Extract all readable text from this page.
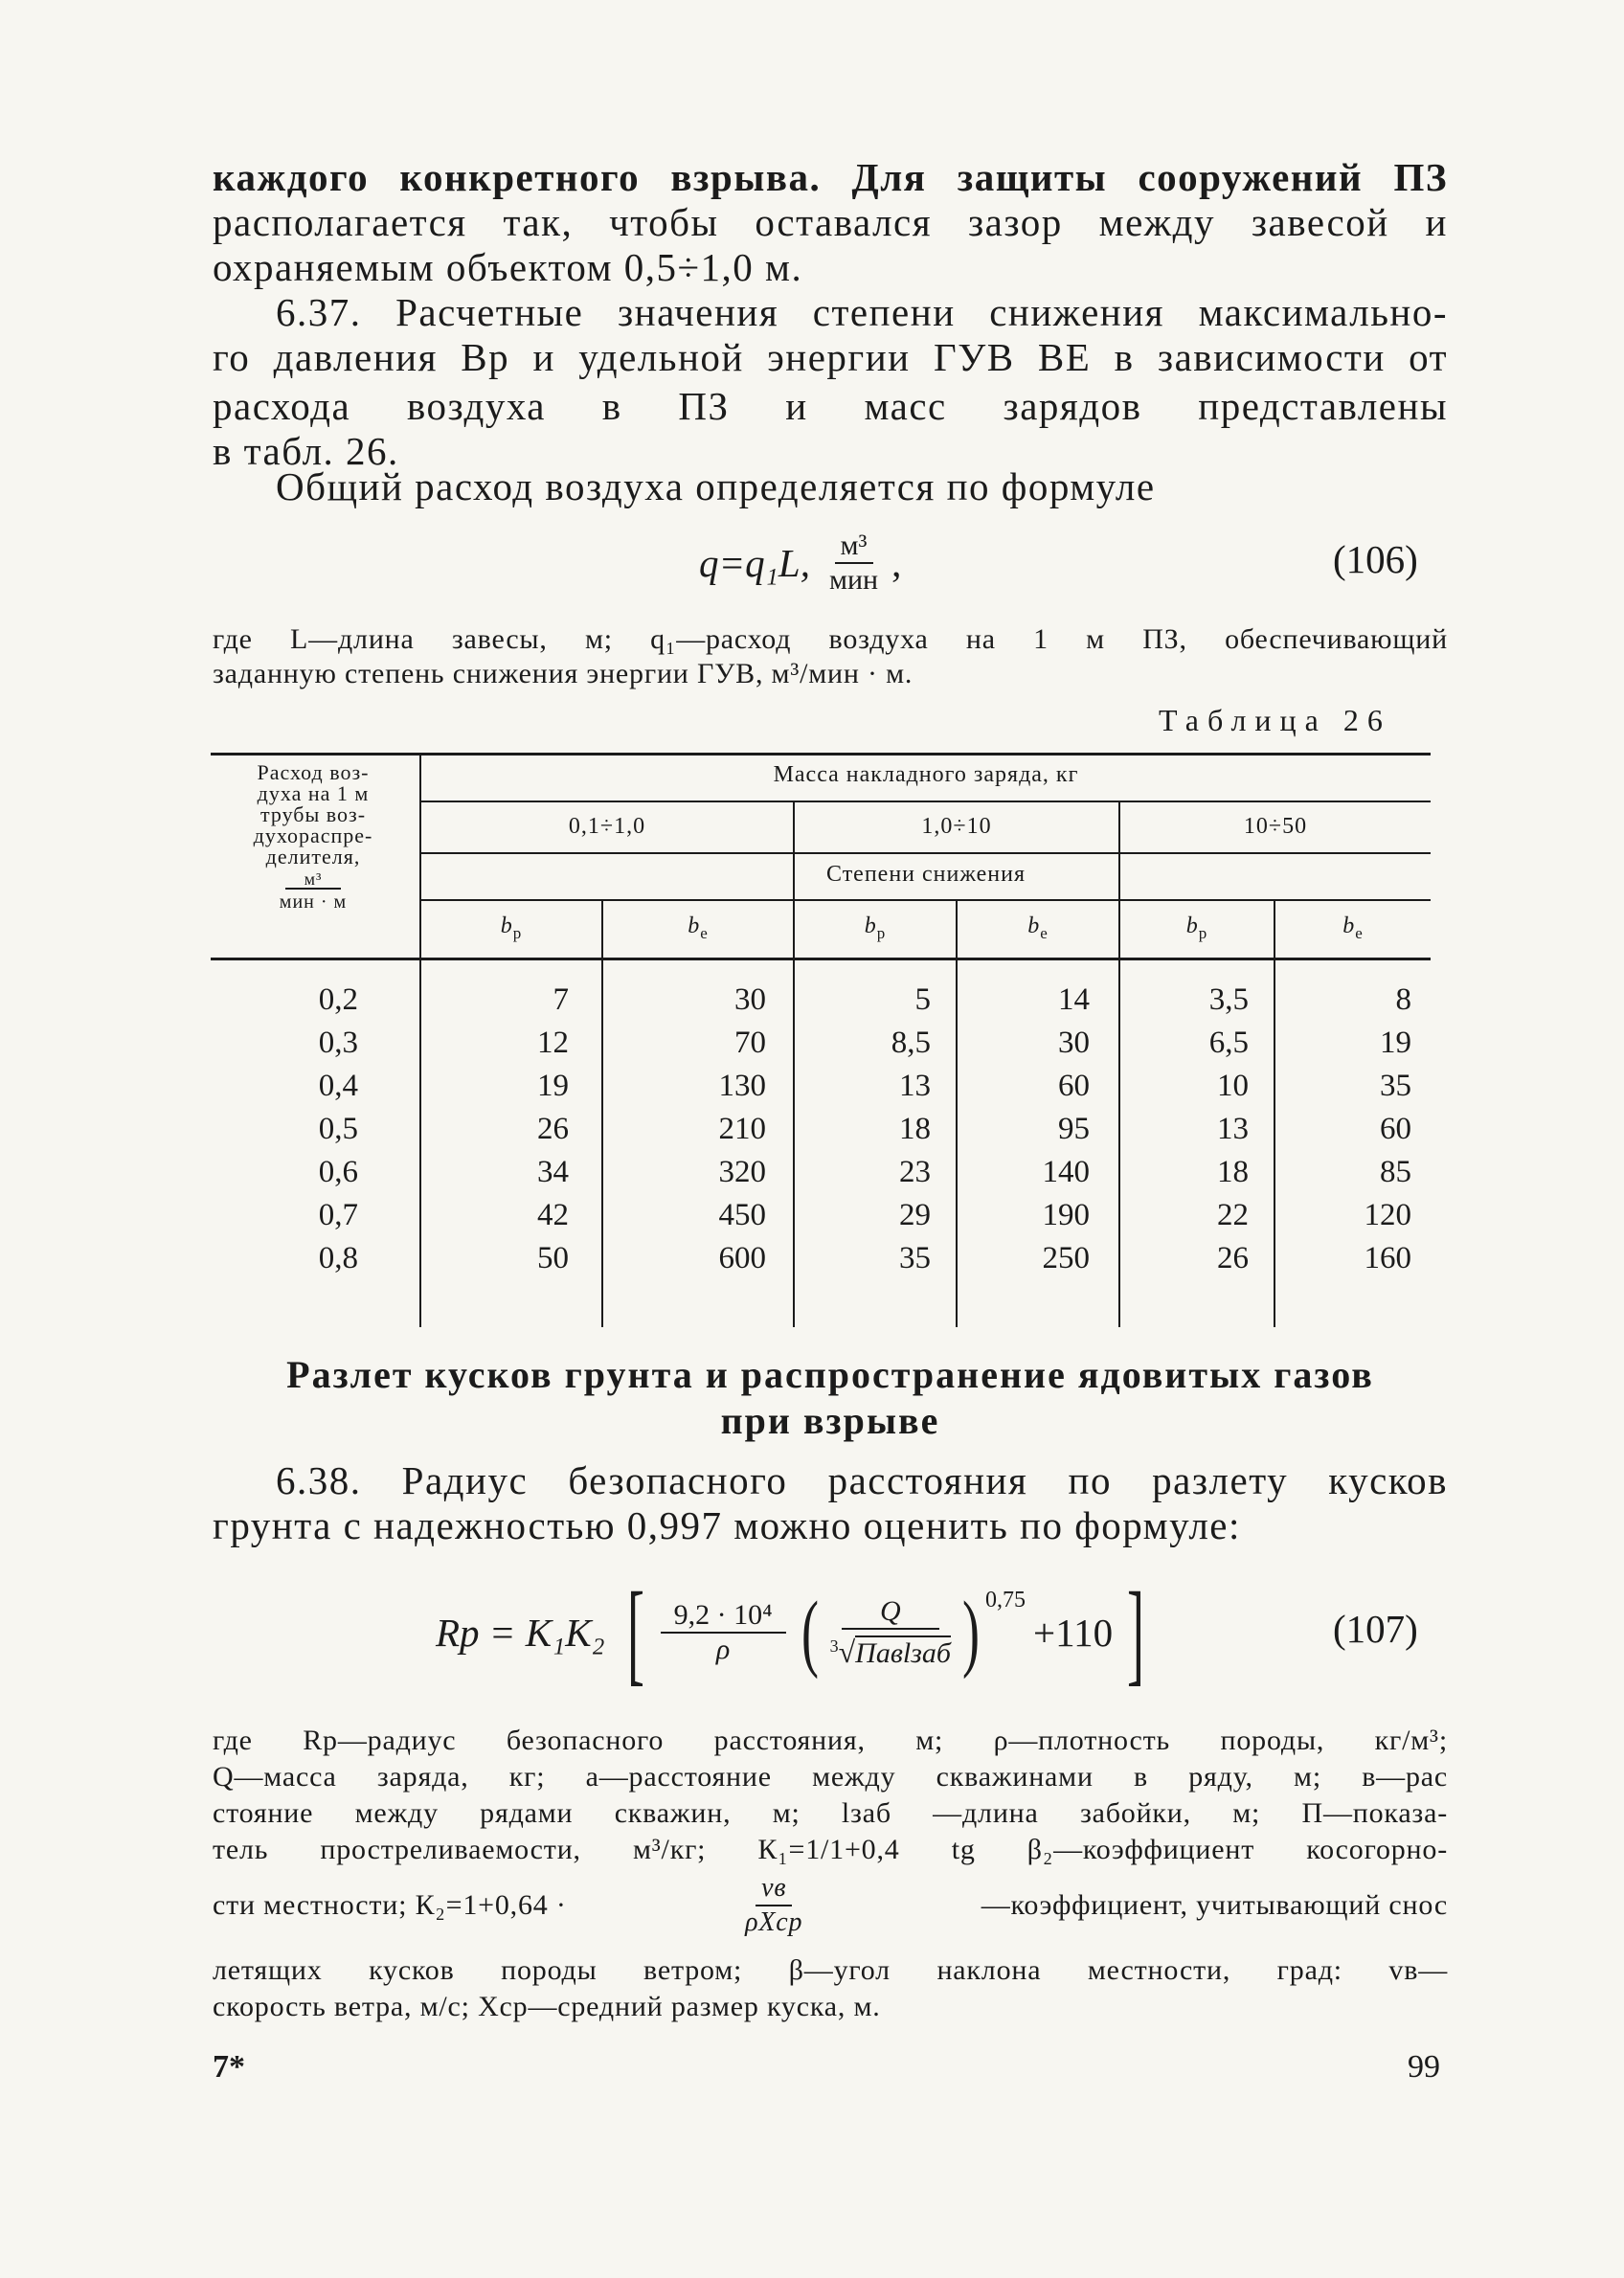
каждого конкретного взрыва. Для защиты сооружений ПЗ
располагается так, чтобы оставался зазор между завесой и
охраняемым объектом 0,5÷1,0 м.
6.37. Расчетные значения степени снижения максимально-
го давления Bр и удельной энергии ГУВ BE в зависимости от
расхода воздуха в ПЗ и масс зарядов представлены
в табл. 26.
Общий расход воздуха определяется по формуле
q=q₁L, $\frac{\text{м³}}{\text{мин}}$ ,	(106)
где L—длина завесы, м; q₁—расход воздуха на 1 м ПЗ, обеспечивающий
заданную степень снижения энергии ГУВ, м³/мин · м.
Таблица 26
Расход воз-
духа на 1 м
трубы воз-
духораспре-
делителя,
м³
мин · м
Масса накладного заряда, кг
0,1÷1,0	1,0÷10	10÷50
Степени снижения
$b_р$	$b_e$	$b_р$	$b_e$	$b_р$	$b_e$
0,2	7	30	5	14	3,5	8
0,3	12	70	8,5	30	6,5	19
0,4	19	130	13	60	10	35
0,5	26	210	18	95	13	60
0,6	34	320	23	140	18	85
0,7	42	450	29	190	22	120
0,8	50	600	35	250	26	160
Разлет кусков грунта и распространение ядовитых газов
при взрыве
6.38. Радиус безопасного расстояния по разлету кусков
грунта с надежностью 0,997 можно оценить по формуле:
Rр = К₁К₂ [ $\frac{\text{9,2 · 10⁴}}{\rho}$ ( $\frac{Q}{^3√\Pi aвlзаб} )^{0,75}$
+110 ]	(107)
где Rр—радиус безопасного расстояния, м; ρ—плотность породы, кг/м³;
Q—масса заряда, кг; a—расстояние между скважинами в ряду, м; в—рас
стояние между рядами скважин, м; lзаб —длина забойки, м; П—показа-
тель простреливаемости, м³/кг; К₁=1/1+0,4 tg β₂—коэффициент косогорно-
сти местности; К₂=1+0,64 ·	$\frac{vв}{\text{ρXср}}$	—коэффициент, учитывающий снос
летящих кусков породы ветром; β—угол наклона местности, град: vв—
скорость ветра, м/с; Xср—средний размер куска, м.
7*	99
